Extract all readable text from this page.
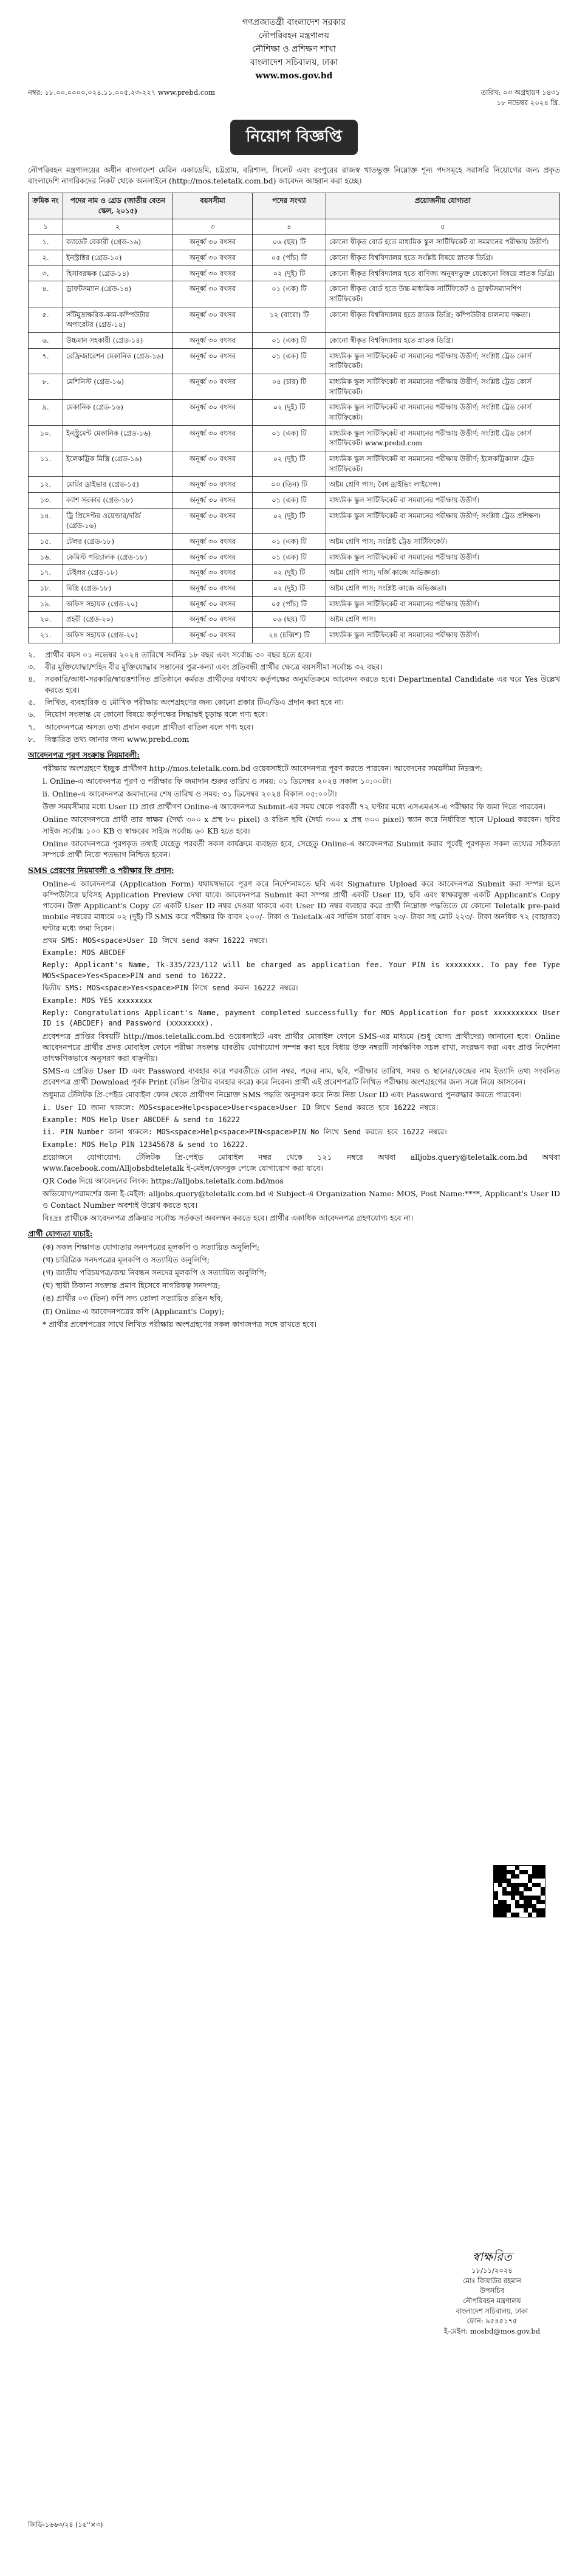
গণপ্রজাতন্ত্রী বাংলাদেশ সরকার
নৌপরিবহন মন্ত্রণালয়
নৌশিক্ষা ও প্রশিক্ষণ শাখা
বাংলাদেশ সচিবালয়, ঢাকা
www.mos.gov.bd
নম্বর: ১৮.০০.০০০০.০২৪.১১.০০৫.২৩-২২৭ www.prebd.com	তারিখ: ০৩ অগ্রহায়ণ ১৪৩১
১৮ নভেম্বর ২০২৪ খ্রি.
নিয়োগ বিজ্ঞপ্তি
নৌপরিবহন মন্ত্রণালয়ের অধীন বাংলাদেশ মেরিন একাডেমি, চট্টগ্রাম, বরিশাল, সিলেট এবং রংপুরের রাজস্ব খাতভুক্ত নিম্নোক্ত শূন্য পদসমূহে সরাসরি নিয়োগের জন্য প্রকৃত বাংলাদেশি নাগরিকদের নিকট থেকে অনলাইনে (http://mos.teletalk.com.bd) আবেদন আহ্বান করা হচ্ছে।
ক্রমিক নং	পদের নাম ও গ্রেড (জাতীয় বেতন স্কেল, ২০১৫)	বয়সসীমা	পদের সংখ্যা	প্রয়োজনীয় যোগ্যতা
১	২	৩	৪	৫
১.	ক্যাডেট বেকারী (গ্রেড-১৬)	অনূর্ধ্ব ৩০ বৎসর	০৬ (ছয়) টি	কোনো স্বীকৃত বোর্ড হতে মাধ্যমিক স্কুল সার্টিফিকেট বা সমমানের পরীক্ষায় উত্তীর্ণ।
২.	ইনস্ট্রাক্টর (গ্রেড-১০)	অনূর্ধ্ব ৩০ বৎসর	০৫ (পাঁচ) টি	কোনো স্বীকৃত বিশ্ববিদ্যালয় হতে সংশ্লিষ্ট বিষয়ে স্নাতক ডিগ্রি।
৩.	হিসাবরক্ষক (গ্রেড-১৪)	অনূর্ধ্ব ৩০ বৎসর	০২ (দুই) টি	কোনো স্বীকৃত বিশ্ববিদ্যালয় হতে বাণিজ্য অনুষদভুক্ত যেকোনো বিষয়ে স্নাতক ডিগ্রি।
৪.	ড্রাফটসম্যান (গ্রেড-১৪)	অনূর্ধ্ব ৩০ বৎসর	০১ (এক) টি	কোনো স্বীকৃত বোর্ড হতে উচ্চ মাধ্যমিক সার্টিফিকেট ও ড্রাফটসম্যানশিপ সার্টিফিকেট।
৫.	সাঁটমুদ্রাক্ষরিক-কাম-কম্পিউটার অপারেটর (গ্রেড-১৪)	অনূর্ধ্ব ৩০ বৎসর	১২ (বারো) টি	কোনো স্বীকৃত বিশ্ববিদ্যালয় হতে স্নাতক ডিগ্রি; কম্পিউটার চালনায় দক্ষতা।
৬.	উচ্চমান সহকারী (গ্রেড-১৪)	অনূর্ধ্ব ৩০ বৎসর	০১ (এক) টি	কোনো স্বীকৃত বিশ্ববিদ্যালয় হতে স্নাতক ডিগ্রি।
৭.	রেফ্রিজারেশন মেকানিক (গ্রেড-১৬)	অনূর্ধ্ব ৩০ বৎসর	০১ (এক) টি	মাধ্যমিক স্কুল সার্টিফিকেট বা সমমানের পরীক্ষায় উত্তীর্ণ; সংশ্লিষ্ট ট্রেড কোর্স সার্টিফিকেট।
৮.	মেশিনিস্ট (গ্রেড-১৬)	অনূর্ধ্ব ৩০ বৎসর	০৪ (চার) টি	মাধ্যমিক স্কুল সার্টিফিকেট বা সমমানের পরীক্ষায় উত্তীর্ণ; সংশ্লিষ্ট ট্রেড কোর্স সার্টিফিকেট।
৯.	মেকানিক (গ্রেড-১৬)	অনূর্ধ্ব ৩০ বৎসর	০২ (দুই) টি	মাধ্যমিক স্কুল সার্টিফিকেট বা সমমানের পরীক্ষায় উত্তীর্ণ; সংশ্লিষ্ট ট্রেড কোর্স সার্টিফিকেট।
১০.	ইনস্ট্রুমেন্ট মেকানিক (গ্রেড-১৬)	অনূর্ধ্ব ৩০ বৎসর	০১ (এক) টি	মাধ্যমিক স্কুল সার্টিফিকেট বা সমমানের পরীক্ষায় উত্তীর্ণ; সংশ্লিষ্ট ট্রেড কোর্স সার্টিফিকেট। www.prebd.com
১১.	ইলেকট্রিক মিস্ত্রি (গ্রেড-১৬)	অনূর্ধ্ব ৩০ বৎসর	০২ (দুই) টি	মাধ্যমিক স্কুল সার্টিফিকেট বা সমমানের পরীক্ষায় উত্তীর্ণ; ইলেকট্রিক্যাল ট্রেড সার্টিফিকেট।
১২.	মোটর ড্রাইভার (গ্রেড-১৫)	অনূর্ধ্ব ৩০ বৎসর	০৩ (তিন) টি	অষ্টম শ্রেণি পাস; বৈধ ড্রাইভিং লাইসেন্স।
১৩.	ক্যাশ সরকার (গ্রেড-১৮)	অনূর্ধ্ব ৩০ বৎসর	০১ (এক) টি	মাধ্যমিক স্কুল সার্টিফিকেট বা সমমানের পরীক্ষায় উত্তীর্ণ।
১৪.	ট্রি প্রিসেপ্টর ওয়েল্ডার/দর্জি (গ্রেড-১৬)	অনূর্ধ্ব ৩০ বৎসর	০২ (দুই) টি	মাধ্যমিক স্কুল সার্টিফিকেট বা সমমানের পরীক্ষায় উত্তীর্ণ; সংশ্লিষ্ট ট্রেড প্রশিক্ষণ।
১৫.	টেলর (গ্রেড-১৮)	অনূর্ধ্ব ৩০ বৎসর	০১ (এক) টি	অষ্টম শ্রেণি পাস; সংশ্লিষ্ট ট্রেড সার্টিফিকেট।
১৬.	কেমিস্ট পরিচালক (গ্রেড-১৮)	অনূর্ধ্ব ৩০ বৎসর	০১ (এক) টি	মাধ্যমিক স্কুল সার্টিফিকেট বা সমমানের পরীক্ষায় উত্তীর্ণ।
১৭.	টেইলর (গ্রেড-১৮)	অনূর্ধ্ব ৩০ বৎসর	০২ (দুই) টি	অষ্টম শ্রেণি পাস; দর্জি কাজে অভিজ্ঞতা।
১৮.	মিস্ত্রি (গ্রেড-১৮)	অনূর্ধ্ব ৩০ বৎসর	০২ (দুই) টি	অষ্টম শ্রেণি পাস; সংশ্লিষ্ট কাজে অভিজ্ঞতা।
১৯.	অফিস সহায়ক (গ্রেড-২০)	অনূর্ধ্ব ৩০ বৎসর	০৫ (পাঁচ) টি	মাধ্যমিক স্কুল সার্টিফিকেট বা সমমানের পরীক্ষায় উত্তীর্ণ।
২০.	প্রহরী (গ্রেড-২০)	অনূর্ধ্ব ৩০ বৎসর	০৬ (ছয়) টি	অষ্টম শ্রেণি পাস।
২১.	অফিস সহায়ক (গ্রেড-২০)	অনূর্ধ্ব ৩০ বৎসর	২৪ (চব্বিশ) টি	মাধ্যমিক স্কুল সার্টিফিকেট বা সমমানের পরীক্ষায় উত্তীর্ণ।
২.	প্রার্থীর বয়স ০১ নভেম্বর ২০২৪ তারিখে সর্বনিম্ন ১৮ বছর এবং সর্বোচ্চ ৩০ বছর হতে হবে।
৩.	বীর মুক্তিযোদ্ধা/শহিদ বীর মুক্তিযোদ্ধার সন্তানের পুত্র-কন্যা এবং প্রতিবন্ধী প্রার্থীর ক্ষেত্রে বয়সসীমা সর্বোচ্চ ৩২ বছর।
৪.	সরকারি/আধা-সরকারি/স্বায়ত্তশাসিত প্রতিষ্ঠানে কর্মরত প্রার্থীদের যথাযথ কর্তৃপক্ষের অনুমতিক্রমে আবেদন করতে হবে। Departmental Candidate এর ঘরে Yes উল্লেখ করতে হবে।
৫.	লিখিত, ব্যবহারিক ও মৌখিক পরীক্ষায় অংশগ্রহণের জন্য কোনো প্রকার টিএ/ডিএ প্রদান করা হবে না।
৬.	নিয়োগ সংক্রান্ত যে কোনো বিষয়ে কর্তৃপক্ষের সিদ্ধান্তই চূড়ান্ত বলে গণ্য হবে।
৭.	আবেদনপত্রে অসত্য তথ্য প্রদান করলে প্রার্থীতা বাতিল বলে গণ্য হবে।
৮.	বিস্তারিত তথ্য জানার জন্য www.prebd.com
আবেদনপত্র পূরণ সংক্রান্ত নিয়মাবলী:
পরীক্ষায় অংশগ্রহণে ইচ্ছুক প্রার্থীগণ http://mos.teletalk.com.bd ওয়েবসাইটে আবেদনপত্র পূরণ করতে পারবেন। আবেদনের সময়সীমা নিম্নরূপ:
i. Online-এ আবেদনপত্র পূরণ ও পরীক্ষার ফি জমাদান শুরুর তারিখ ও সময়: ০১ ডিসেম্বর ২০২৪ সকাল ১০:০০টা।
ii. Online-এ আবেদনপত্র জমাদানের শেষ তারিখ ও সময়: ৩১ ডিসেম্বর ২০২৪ বিকাল ০৫:০০টা।
উক্ত সময়সীমার মধ্যে User ID প্রাপ্ত প্রার্থীগণ Online-এ আবেদনপত্র Submit-এর সময় থেকে পরবর্তী ৭২ ঘণ্টার মধ্যে এসএমএস-এ পরীক্ষার ফি জমা দিতে পারবেন।
Online আবেদনপত্রে প্রার্থী তার স্বাক্ষর (দৈর্ঘ্য ৩০০ x প্রস্থ ৮০ pixel) ও রঙিন ছবি (দৈর্ঘ্য ৩০০ x প্রস্থ ৩০০ pixel) স্ক্যান করে নির্ধারিত স্থানে Upload করবেন। ছবির সাইজ সর্বোচ্চ ১০০ KB ও স্বাক্ষরের সাইজ সর্বোচ্চ ৬০ KB হতে হবে।
Online আবেদনপত্রে পূরণকৃত তথ্যই যেহেতু পরবর্তী সকল কার্যক্রমে ব্যবহৃত হবে, সেহেতু Online-এ আবেদনপত্র Submit করার পূর্বেই পূরণকৃত সকল তথ্যের সঠিকতা সম্পর্কে প্রার্থী নিজে শতভাগ নিশ্চিত হবেন।
SMS প্রেরণের নিয়মাবলী ও পরীক্ষার ফি প্রদান:
Online-এ আবেদনপত্র (Application Form) যথাযথভাবে পূরণ করে নির্দেশনামতে ছবি এবং Signature Upload করে আবেদনপত্র Submit করা সম্পন্ন হলে কম্পিউটারে ছবিসহ Application Preview দেখা যাবে। আবেদনপত্র Submit করা সম্পন্ন প্রার্থী একটি User ID, ছবি এবং স্বাক্ষরযুক্ত একটি Applicant's Copy পাবেন। উক্ত Applicant's Copy তে একটি User ID নম্বর দেওয়া থাকবে এবং User ID নম্বর ব্যবহার করে প্রার্থী নিম্নোক্ত পদ্ধতিতে যে কোনো Teletalk pre-paid mobile নম্বরের মাধ্যমে ০২ (দুই) টি SMS করে পরীক্ষার ফি বাবদ ২০০/- টাকা ও Teletalk-এর সার্ভিস চার্জ বাবদ ২৩/- টাকা সহ মোট ২২৩/- টাকা অনধিক ৭২ (বাহাত্তর) ঘণ্টার মধ্যে জমা দিবেন।
প্রথম SMS: MOS<space>User ID লিখে send করুন 16222 নম্বরে।
Example: MOS ABCDEF
Reply: Applicant's Name, Tk-335/223/112 will be charged as application fee. Your PIN is xxxxxxxx. To pay fee Type MOS<Space>Yes<Space>PIN and send to 16222.
দ্বিতীয় SMS: MOS<space>Yes<space>PIN লিখে send করুন 16222 নম্বরে।
Example: MOS YES xxxxxxxx
Reply: Congratulations Applicant's Name, payment completed successfully for MOS Application for post xxxxxxxxxx User ID is (ABCDEF) and Password (xxxxxxxx).
প্রবেশপত্র প্রাপ্তির বিষয়টি http://mos.teletalk.com.bd ওয়েবসাইটে এবং প্রার্থীর মোবাইল ফোনে SMS-এর মাধ্যমে (শুধু যোগ্য প্রার্থীদের) জানানো হবে। Online আবেদনপত্রে প্রার্থীর প্রদত্ত মোবাইল ফোনে পরীক্ষা সংক্রান্ত যাবতীয় যোগাযোগ সম্পন্ন করা হবে বিধায় উক্ত নম্বরটি সার্বক্ষণিক সচল রাখা, সংরক্ষণ করা এবং প্রাপ্ত নির্দেশনা তাৎক্ষণিকভাবে অনুসরণ করা বাঞ্ছনীয়।
SMS-এ প্রেরিত User ID এবং Password ব্যবহার করে পরবর্তীতে রোল নম্বর, পদের নাম, ছবি, পরীক্ষার তারিখ, সময় ও স্থানের/কেন্দ্রের নাম ইত্যাদি তথ্য সংবলিত প্রবেশপত্র প্রার্থী Download পূর্বক Print (রঙিন প্রিন্টার ব্যবহার করে) করে নিবেন। প্রার্থী এই প্রবেশপত্রটি লিখিত পরীক্ষায় অংশগ্রহণের জন্য সঙ্গে নিয়ে আসবেন।
শুধুমাত্র টেলিটক প্রি-পেইড মোবাইল ফোন থেকে প্রার্থীগণ নিম্নোক্ত SMS পদ্ধতি অনুসরণ করে নিজ নিজ User ID এবং Password পুনরুদ্ধার করতে পারবেন।
i. User ID জানা থাকলে: MOS<space>Help<space>User<space>User ID লিখে Send করতে হবে 16222 নম্বরে।
Example: MOS Help User ABCDEF & send to 16222
ii. PIN Number জানা থাকলে: MOS<space>Help<space>PIN<space>PIN No লিখে Send করতে হবে 16222 নম্বরে।
Example: MOS Help PIN 12345678 & send to 16222.
প্রয়োজনে যোগাযোগ: টেলিটক প্রি-পেইড মোবাইল নম্বর থেকে ১২১ নম্বরে অথবা alljobs.query@teletalk.com.bd অথবা www.facebook.com/Alljobsbdteletalk ই-মেইল/ফেসবুক পেজে যোগাযোগ করা যাবে।
QR Code দিয়ে আবেদনের লিংক: https://alljobs.teletalk.com.bd/mos
অভিযোগ/পরামর্শের জন্য ই-মেইল: alljobs.query@teletalk.com.bd এ Subject-এ Organization Name: MOS, Post Name:****, Applicant's User ID ও Contact Number অবশ্যই উল্লেখ করতে হবে।
বিঃদ্রঃ প্রার্থীকে আবেদনপত্র প্রক্রিয়ার সর্বোচ্চ সর্তকতা অবলম্বন করতে হবে। প্রার্থীর একাধিক আবেদনপত্র গ্রহণযোগ্য হবে না।
প্রার্থী যোগ্যতা যাচাই:
(ক) সকল শিক্ষাগত যোগ্যতার সনদপত্রের মূলকপি ও সত্যায়িত অনুলিপি;
(খ) চারিত্রিক সনদপত্রের মূলকপি ও সত্যায়িত অনুলিপি;
(গ) জাতীয় পরিচয়পত্র/জন্ম নিবন্ধন সনদের মূলকপি ও সত্যায়িত অনুলিপি;
(ঘ) স্থায়ী ঠিকানা সংক্রান্ত প্রমাণ হিসেবে নাগরিকত্ব সনদপত্র;
(ঙ) প্রার্থীর ০৩ (তিন) কপি সদ্য তোলা সত্যায়িত রঙিন ছবি;
(চ) Online-এ আবেদনপত্রের কপি (Applicant's Copy);
* প্রার্থীর প্রবেশপত্রের সাথে লিখিত পরীক্ষায় অংশগ্রহণের সকল কাগজপত্র সঙ্গে রাখতে হবে।
স্বাক্ষরিত
১৮/১১/২০২৪
মোঃ জিয়াউর রহমান
উপসচিব
নৌপরিবহন মন্ত্রণালয়
বাংলাদেশ সচিবালয়, ঢাকা
ফোন: ৯৫৪৫১৭৫
ই-মেইল: mosbd@mos.gov.bd
জিডি-১৬৬৩/২৪ (১৫''×৩)
